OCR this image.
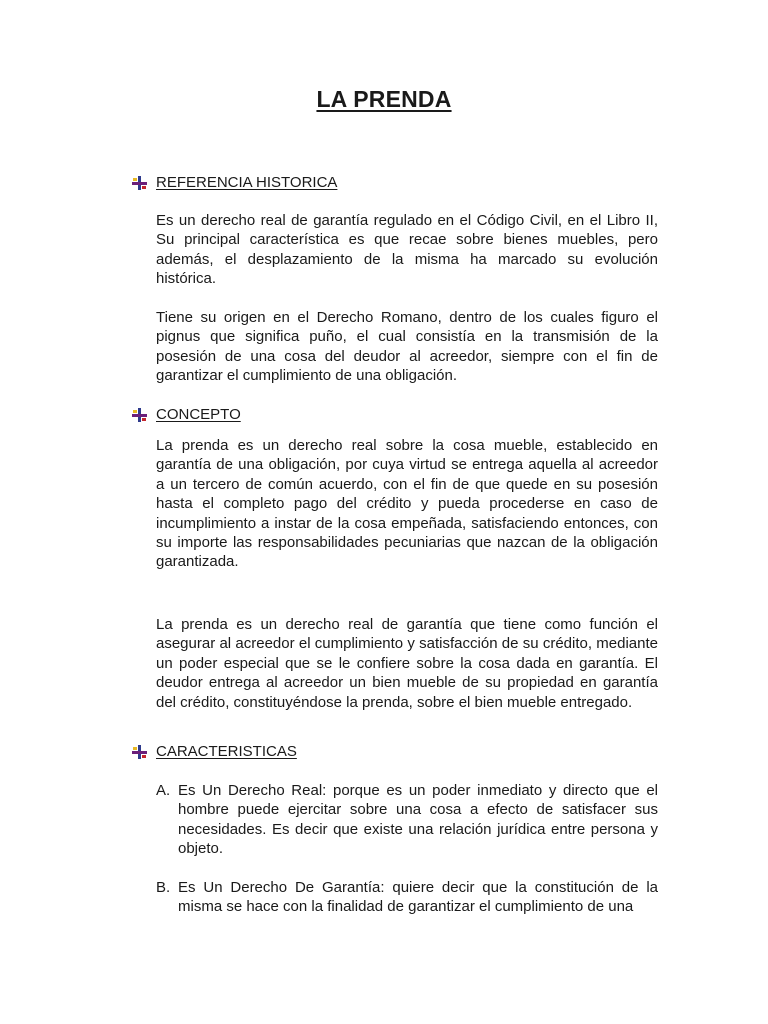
LA PRENDA
REFERENCIA HISTORICA

Es un derecho real de garantía regulado en el Código Civil, en el Libro II, Su principal característica es que recae sobre bienes muebles, pero además, el desplazamiento de la misma ha marcado su evolución histórica.

Tiene su origen en el Derecho Romano, dentro de los cuales figuro el pignus que significa puño, el cual consistía en la transmisión de la posesión de una cosa del deudor al acreedor, siempre con el fin de garantizar el cumplimiento de una obligación.

CONCEPTO

La prenda es un derecho real sobre la cosa mueble, establecido en garantía de una obligación, por cuya virtud se entrega aquella al acreedor a un tercero de común acuerdo, con el fin de que quede en su posesión hasta el completo pago del crédito y pueda procederse en caso de incumplimiento a instar de la cosa empeñada, satisfaciendo entonces, con su importe las responsabilidades pecuniarias que nazcan de la obligación garantizada.

La prenda es un derecho real de garantía que tiene como función el asegurar al acreedor el cumplimiento y satisfacción de su crédito, mediante un poder especial que se le confiere sobre la cosa dada en garantía. El deudor entrega al acreedor un bien mueble de su propiedad en garantía del crédito, constituyéndose la prenda, sobre el bien mueble entregado.

CARACTERISTICAS
A. Es Un Derecho Real: porque es un poder inmediato y directo que el hombre puede ejercitar sobre una cosa a efecto de satisfacer sus necesidades. Es decir que existe una relación jurídica entre persona y objeto.
B. Es Un Derecho De Garantía: quiere decir que la constitución de la misma se hace con la finalidad de garantizar el cumplimiento de una
